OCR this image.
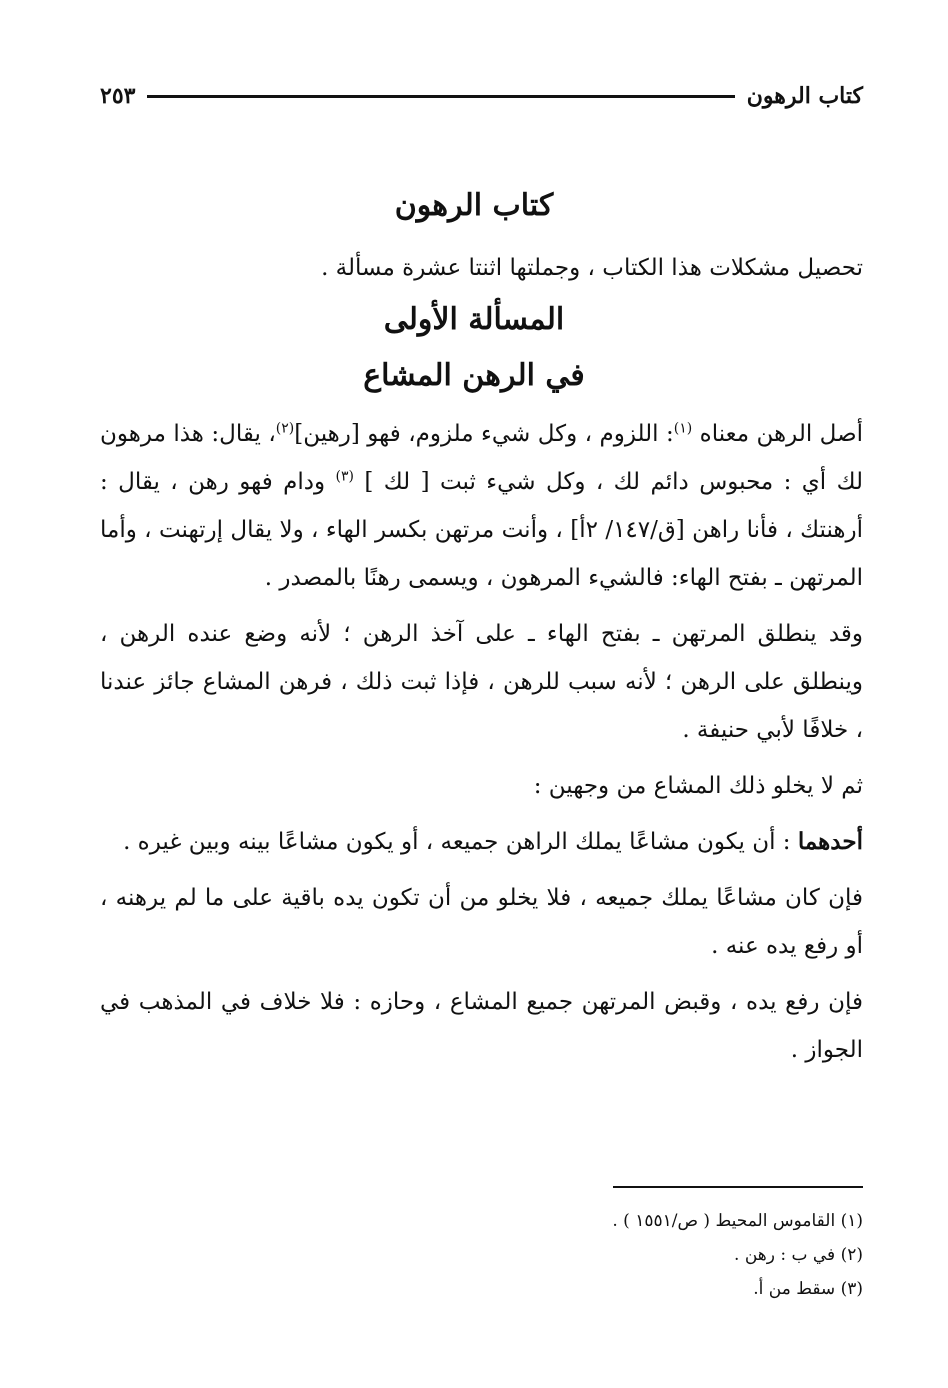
كتاب الرهون
٢٥٣
كتاب الرهون
تحصيل مشكلات هذا الكتاب ، وجملتها اثنتا عشرة مسألة .
المسألة الأولى
في الرهن المشاع

أصل الرهن معناه $^{(١)}$: اللزوم ، وكل شيء ملزوم، فهو [رهين]$^{(٢)}$، يقال: هذا مرهون لك أي : محبوس دائم لك ، وكل شيء ثبت [ لك ] $^{(٣)}$ ودام فهو رهن ، يقال : أرهنتك ، فأنا راهن [ق/١٤٧/ ٢أ] ، وأنت مرتهن بكسر الهاء ، ولا يقال إرتهنت ، وأما المرتهن ـ بفتح الهاء: فالشيء المرهون ، ويسمى رهنًا بالمصدر .

وقد ينطلق المرتهن ـ بفتح الهاء ـ على آخذ الرهن ؛ لأنه وضع عنده الرهن ، وينطلق على الرهن ؛ لأنه سبب للرهن ، فإذا ثبت ذلك ، فرهن المشاع جائز عندنا ، خلافًا لأبي حنيفة .

ثم لا يخلو ذلك المشاع من وجهين :

أحدهما : أن يكون مشاعًا يملك الراهن جميعه ، أو يكون مشاعًا بينه وبين غيره .

فإن كان مشاعًا يملك جميعه ، فلا يخلو من أن تكون يده باقية على ما لم يرهنه ، أو رفع يده عنه .

فإن رفع يده ، وقبض المرتهن جميع المشاع ، وحازه : فلا خلاف في المذهب في الجواز .

(١) القاموس المحيط ( ص/١٥٥١ ) .

(٢) في ب : رهن .

(٣) سقط من أ.
